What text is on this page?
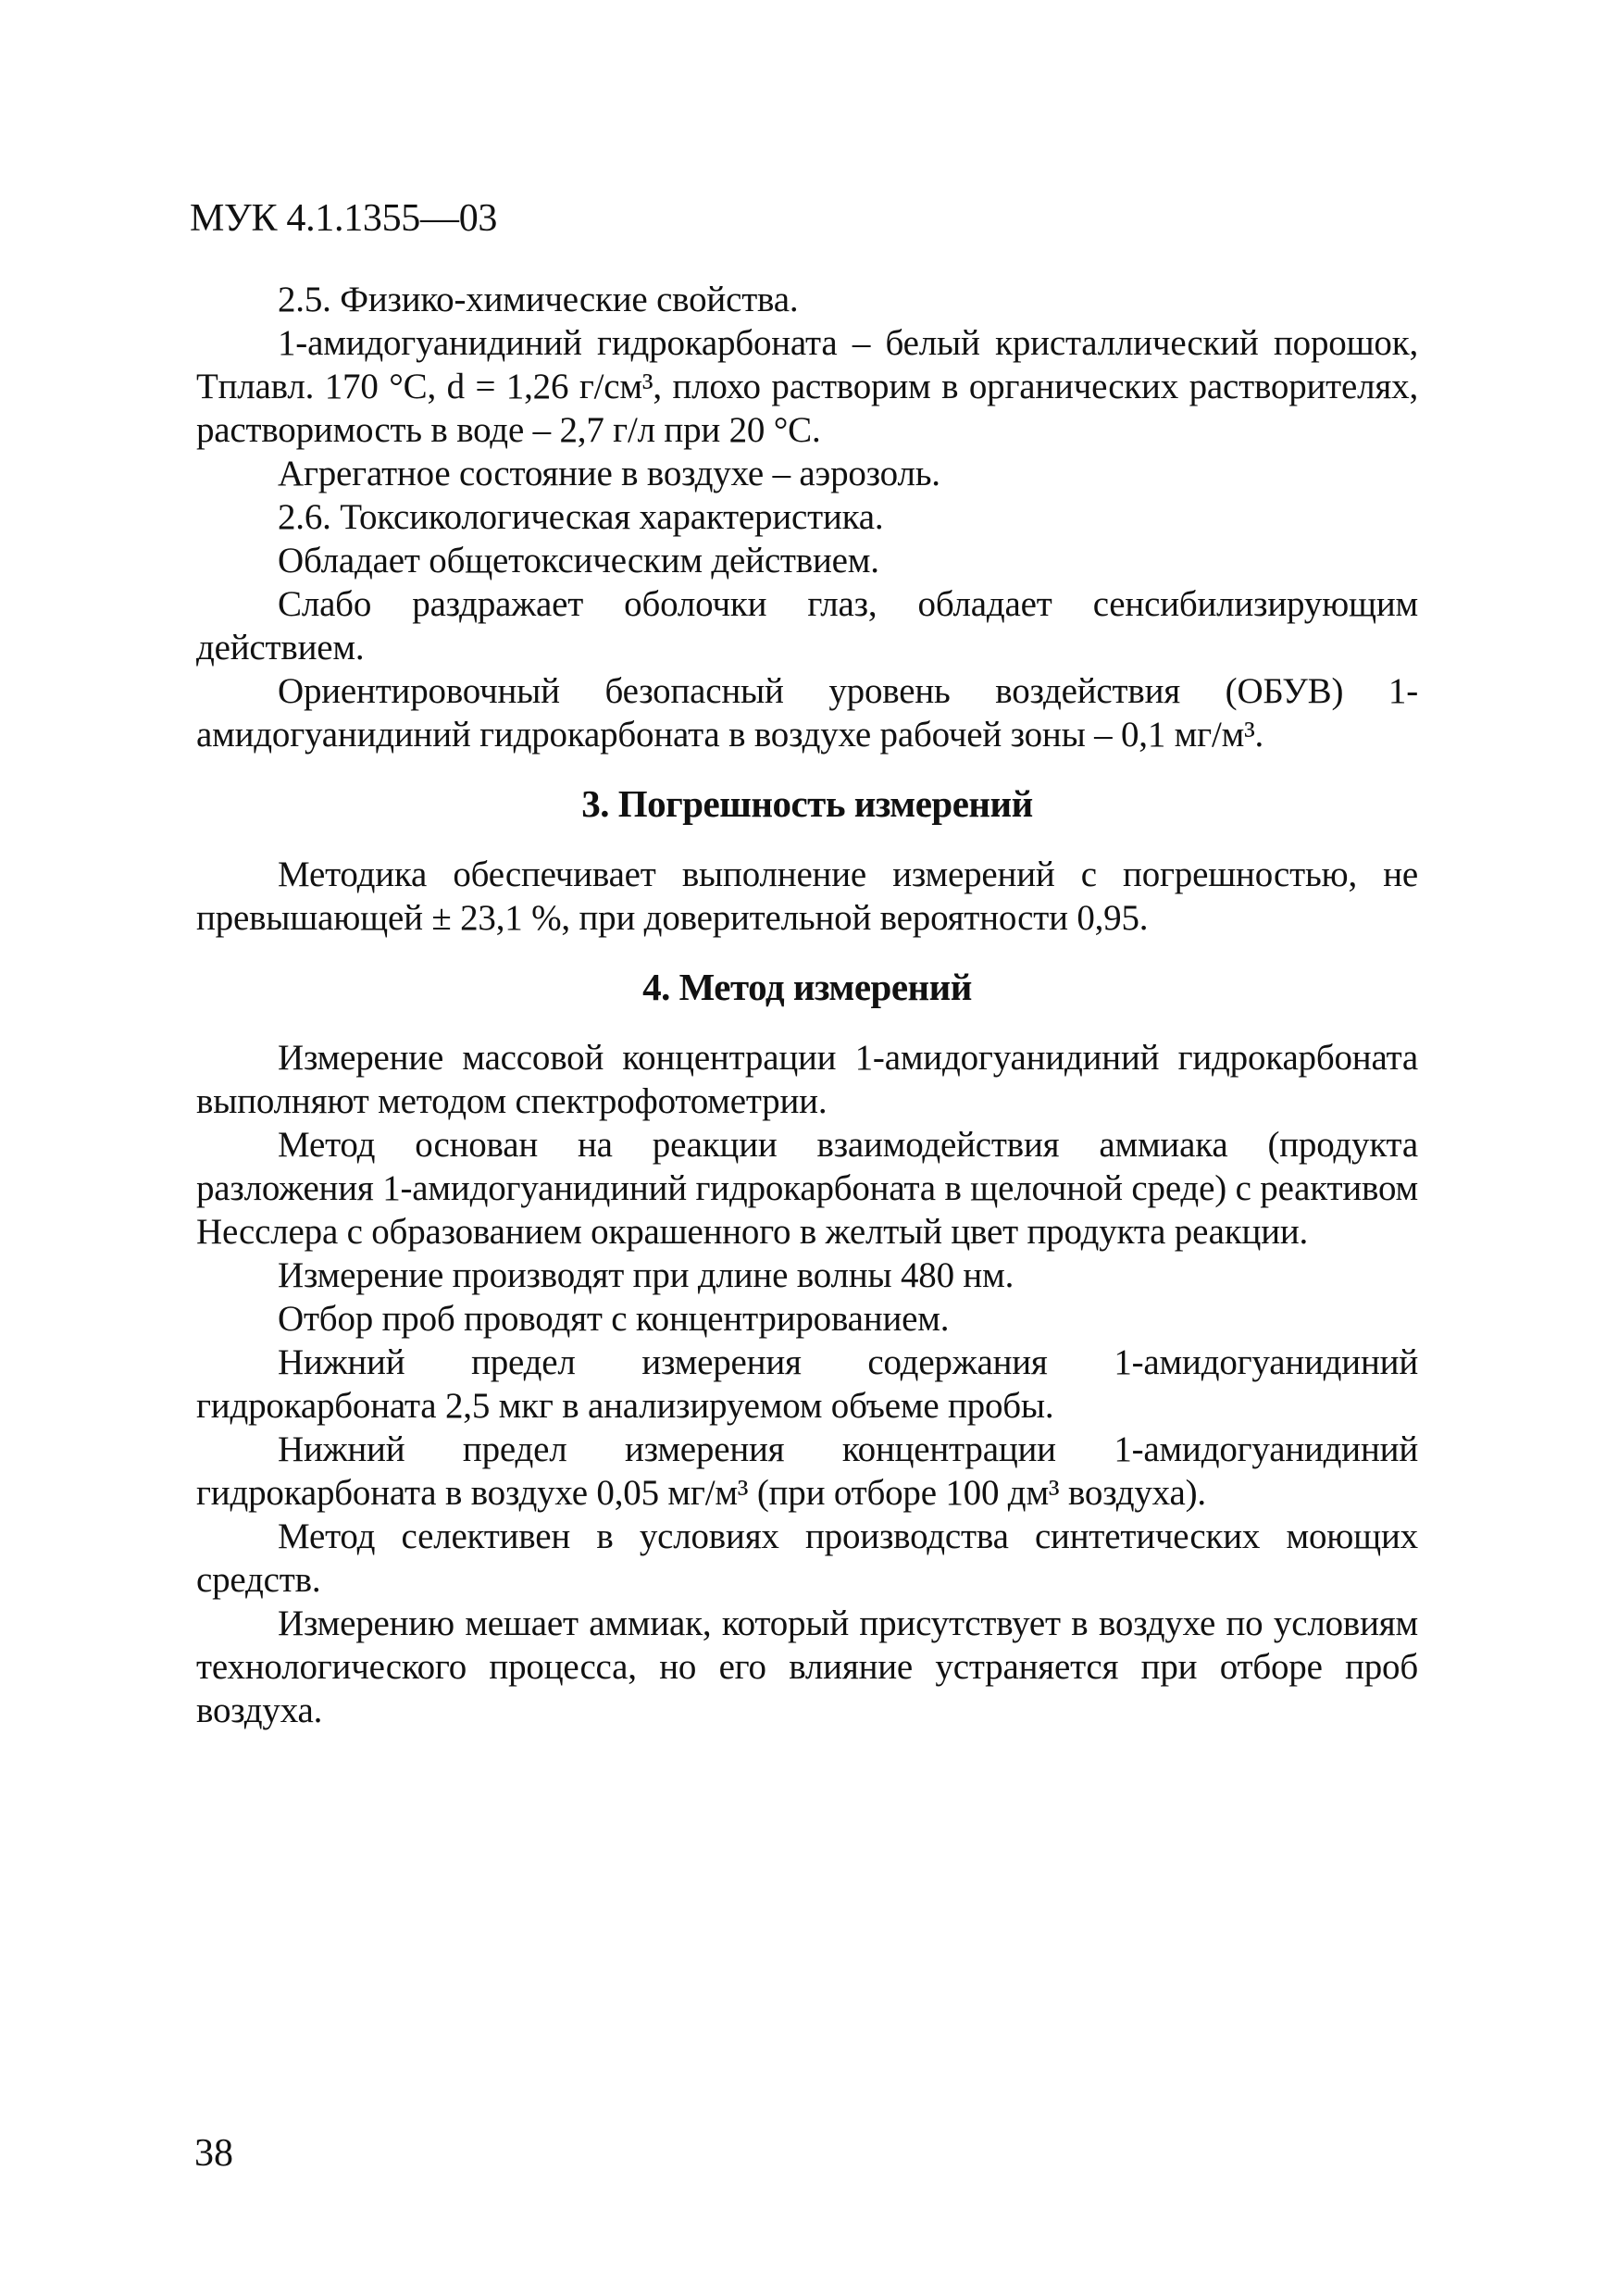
МУК 4.1.1355—03

2.5. Физико-химические свойства.

1-амидогуанидиний гидрокарбоната – белый кристаллический порошок, Tплавл. 170 °C, d = 1,26 г/см³, плохо растворим в органических растворителях, растворимость в воде – 2,7 г/л при 20 °C.

Агрегатное состояние в воздухе – аэрозоль.

2.6. Токсикологическая характеристика.

Обладает общетоксическим действием.

Слабо раздражает оболочки глаз, обладает сенсибилизирующим действием.

Ориентировочный безопасный уровень воздействия (ОБУВ) 1-амидогуанидиний гидрокарбоната в воздухе рабочей зоны – 0,1 мг/м³.

3. Погрешность измерений

Методика обеспечивает выполнение измерений с погрешностью, не превышающей ± 23,1 %, при доверительной вероятности 0,95.

4. Метод измерений

Измерение массовой концентрации 1-амидогуанидиний гидрокарбоната выполняют методом спектрофотометрии.

Метод основан на реакции взаимодействия аммиака (продукта разложения 1-амидогуанидиний гидрокарбоната в щелочной среде) с реактивом Несслера с образованием окрашенного в желтый цвет продукта реакции.

Измерение производят при длине волны 480 нм.

Отбор проб проводят с концентрированием.

Нижний предел измерения содержания 1-амидогуанидиний гидрокарбоната 2,5 мкг в анализируемом объеме пробы.

Нижний предел измерения концентрации 1-амидогуанидиний гидрокарбоната в воздухе 0,05 мг/м³ (при отборе 100 дм³ воздуха).

Метод селективен в условиях производства синтетических моющих средств.

Измерению мешает аммиак, который присутствует в воздухе по условиям технологического процесса, но его влияние устраняется при отборе проб воздуха.

38
